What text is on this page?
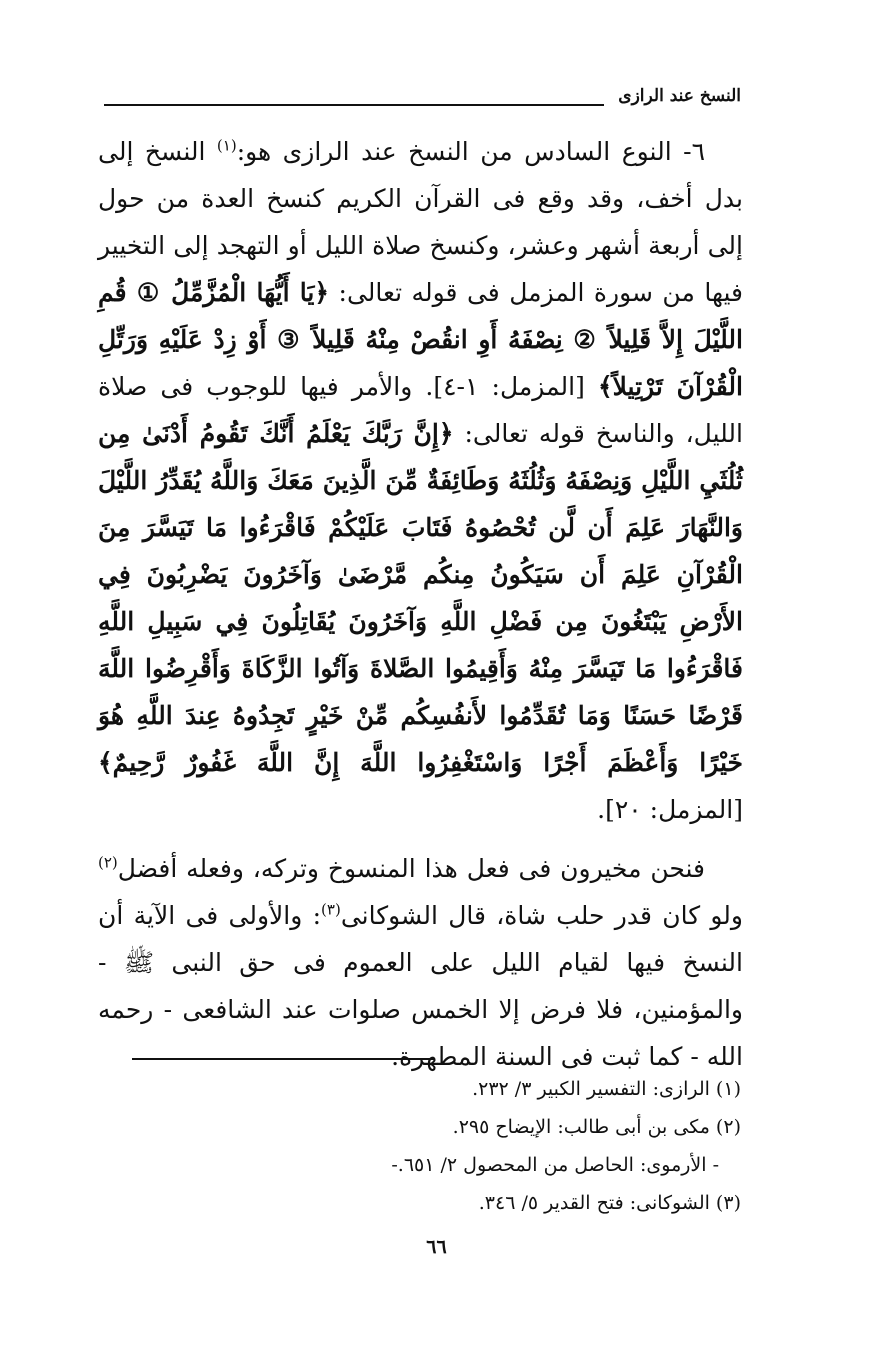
النسخ عند الرازى

٦- النوع السادس من النسخ عند الرازى هو:$^{(١)}$ النسخ إلى بدل أخف، وقد وقع فى القرآن الكريم كنسخ العدة من حول إلى أربعة أشهر وعشر، وكنسخ صلاة الليل أو التهجد إلى التخيير فيها من سورة المزمل فى قوله تعالى: ﴿يَا أَيُّهَا الْمُزَّمِّلُ ① قُمِ اللَّيْلَ إِلاَّ قَلِيلاً ② نِصْفَهُ أَوِ انقُصْ مِنْهُ قَلِيلاً ③ أَوْ زِدْ عَلَيْهِ وَرَتِّلِ الْقُرْآنَ تَرْتِيلاً﴾ [المزمل: ١-٤]. والأمر فيها للوجوب فى صلاة الليل، والناسخ قوله تعالى: ﴿إِنَّ رَبَّكَ يَعْلَمُ أَنَّكَ تَقُومُ أَدْنَىٰ مِن ثُلُثَيِ اللَّيْلِ وَنِصْفَهُ وَثُلُثَهُ وَطَائِفَةٌ مِّنَ الَّذِينَ مَعَكَ وَاللَّهُ يُقَدِّرُ اللَّيْلَ وَالنَّهَارَ عَلِمَ أَن لَّن تُحْصُوهُ فَتَابَ عَلَيْكُمْ فَاقْرَءُوا مَا تَيَسَّرَ مِنَ الْقُرْآنِ عَلِمَ أَن سَيَكُونُ مِنكُم مَّرْضَىٰ وَآخَرُونَ يَضْرِبُونَ فِي الأَرْضِ يَبْتَغُونَ مِن فَضْلِ اللَّهِ وَآخَرُونَ يُقَاتِلُونَ فِي سَبِيلِ اللَّهِ فَاقْرَءُوا مَا تَيَسَّرَ مِنْهُ وَأَقِيمُوا الصَّلاةَ وَآتُوا الزَّكَاةَ وَأَقْرِضُوا اللَّهَ قَرْضًا حَسَنًا وَمَا تُقَدِّمُوا لأَنفُسِكُم مِّنْ خَيْرٍ تَجِدُوهُ عِندَ اللَّهِ هُوَ خَيْرًا وَأَعْظَمَ أَجْرًا وَاسْتَغْفِرُوا اللَّهَ إِنَّ اللَّهَ غَفُورٌ رَّحِيمٌ﴾ [المزمل: ٢٠].

فنحن مخيرون فى فعل هذا المنسوخ وتركه، وفعله أفضل$^{(٢)}$ ولو كان قدر حلب شاة، قال الشوكانى$^{(٣)}$: والأولى فى الآية أن النسخ فيها لقيام الليل على العموم فى حق النبى ﷺ - والمؤمنين، فلا فرض إلا الخمس صلوات عند الشافعى - رحمه الله - كما ثبت فى السنة المطهرة.

(١) الرازى: التفسير الكبير ٣/ ٢٣٢.

(٢) مكى بن أبى طالب: الإيضاح ٢٩٥.

- الأرموى: الحاصل من المحصول ٢/ ٦٥١.-

(٣) الشوكانى: فتح القدير ٥/ ٣٤٦.

٦٦
